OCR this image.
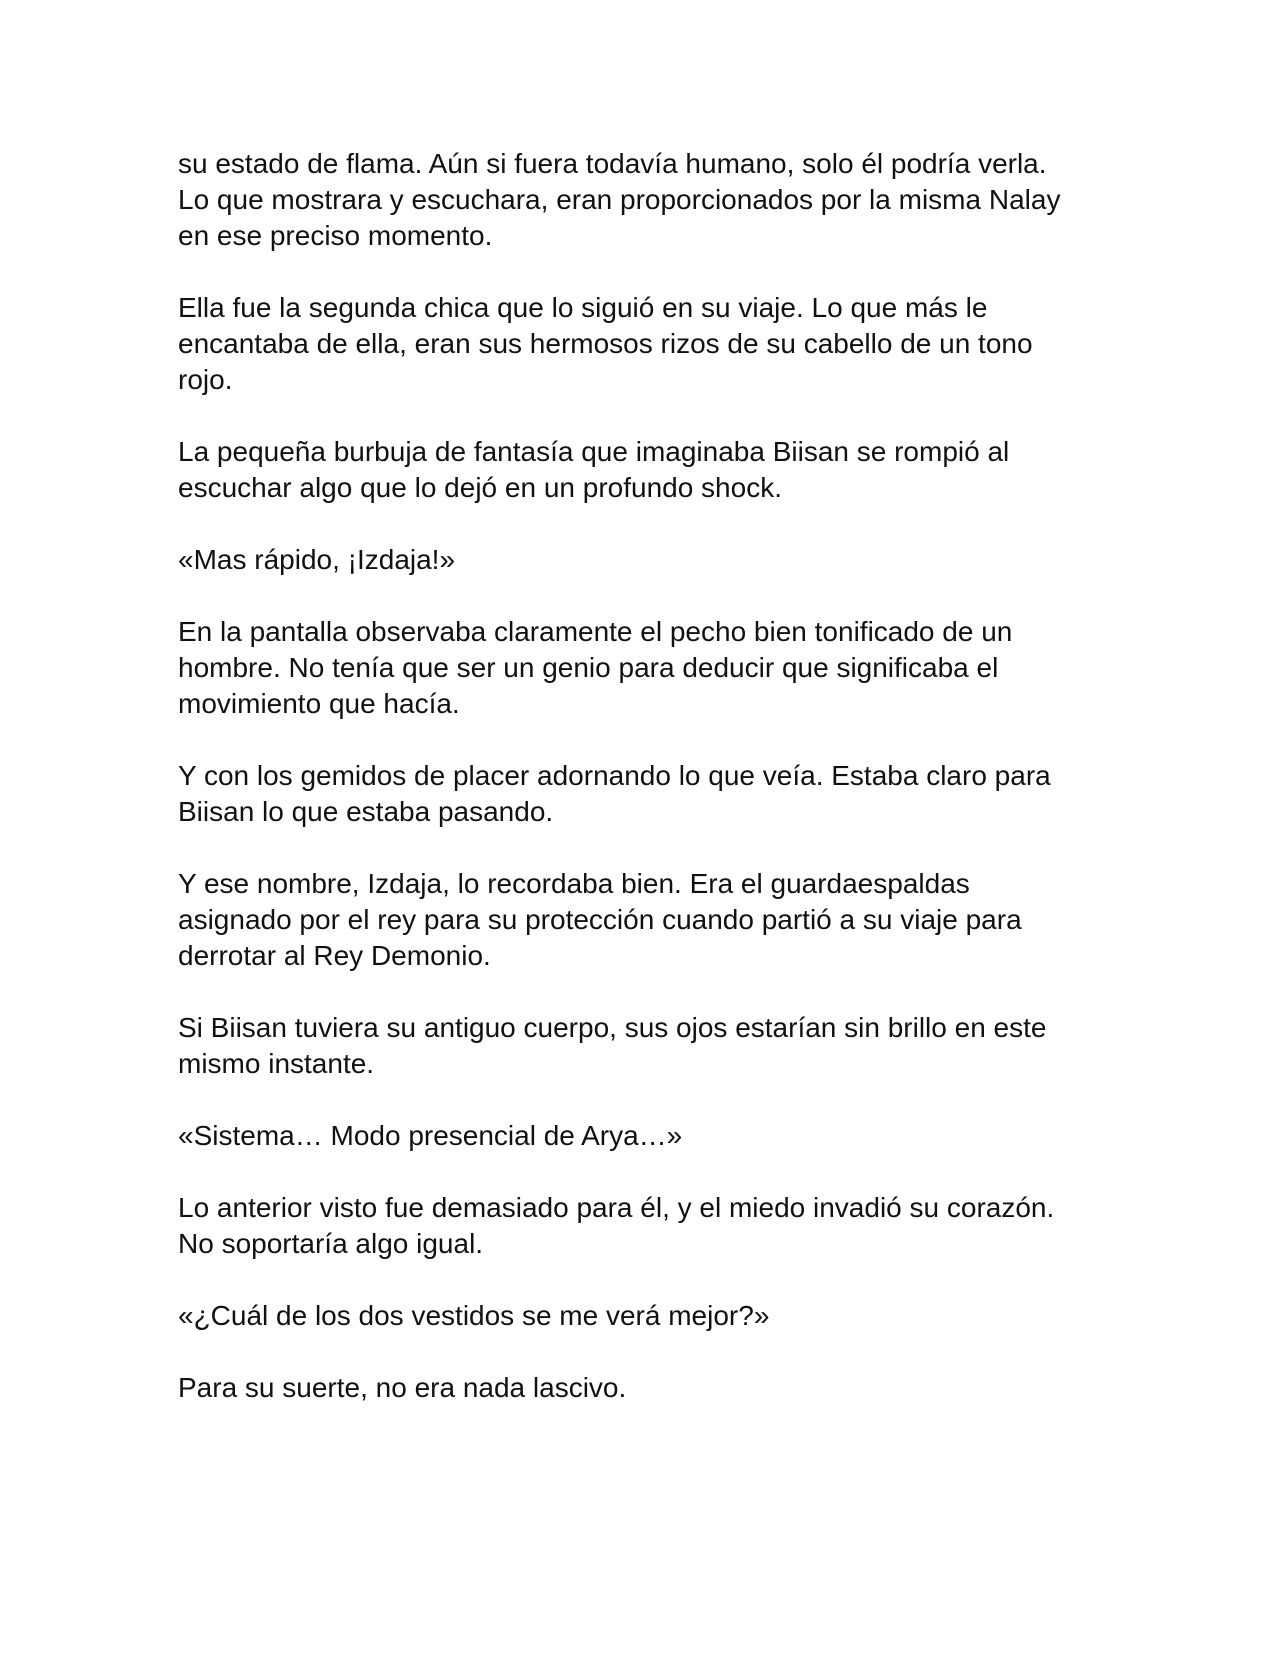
su estado de flama. Aún si fuera todavía humano, solo él podría verla.
Lo que mostrara y escuchara, eran proporcionados por la misma Nalay
en ese preciso momento.

Ella fue la segunda chica que lo siguió en su viaje. Lo que más le
encantaba de ella, eran sus hermosos rizos de su cabello de un tono
rojo.

La pequeña burbuja de fantasía que imaginaba Biisan se rompió al
escuchar algo que lo dejó en un profundo shock.

«Mas rápido, ¡Izdaja!»

En la pantalla observaba claramente el pecho bien tonificado de un
hombre. No tenía que ser un genio para deducir que significaba el
movimiento que hacía.

Y con los gemidos de placer adornando lo que veía. Estaba claro para
Biisan lo que estaba pasando.

Y ese nombre, Izdaja, lo recordaba bien. Era el guardaespaldas
asignado por el rey para su protección cuando partió a su viaje para
derrotar al Rey Demonio.

Si Biisan tuviera su antiguo cuerpo, sus ojos estarían sin brillo en este
mismo instante.

«Sistema… Modo presencial de Arya…»

Lo anterior visto fue demasiado para él, y el miedo invadió su corazón.
No soportaría algo igual.

«¿Cuál de los dos vestidos se me verá mejor?»

Para su suerte, no era nada lascivo.
